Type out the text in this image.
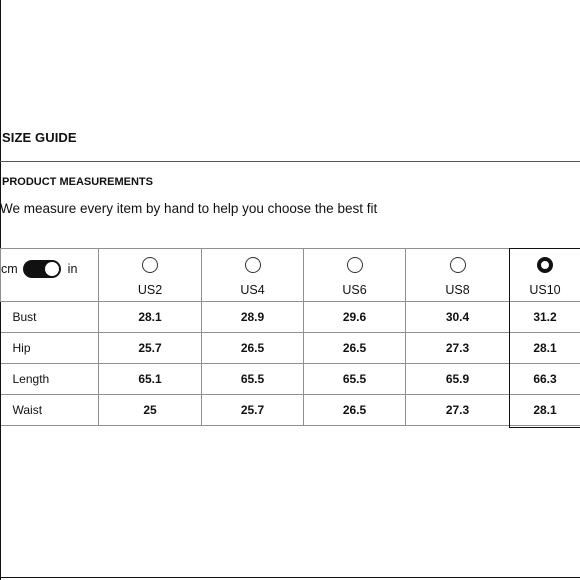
SIZE GUIDE
PRODUCT MEASUREMENTS

We measure every item by hand to help you choose the best fit

cm in	US2	US4	US6	US8	US10

Bust	28.1	28.9	29.6	30.4	31.2
Hip	25.7	26.5	26.5	27.3	28.1
Length	65.1	65.5	65.5	65.9	66.3
Waist	25	25.7	26.5	27.3	28.1
